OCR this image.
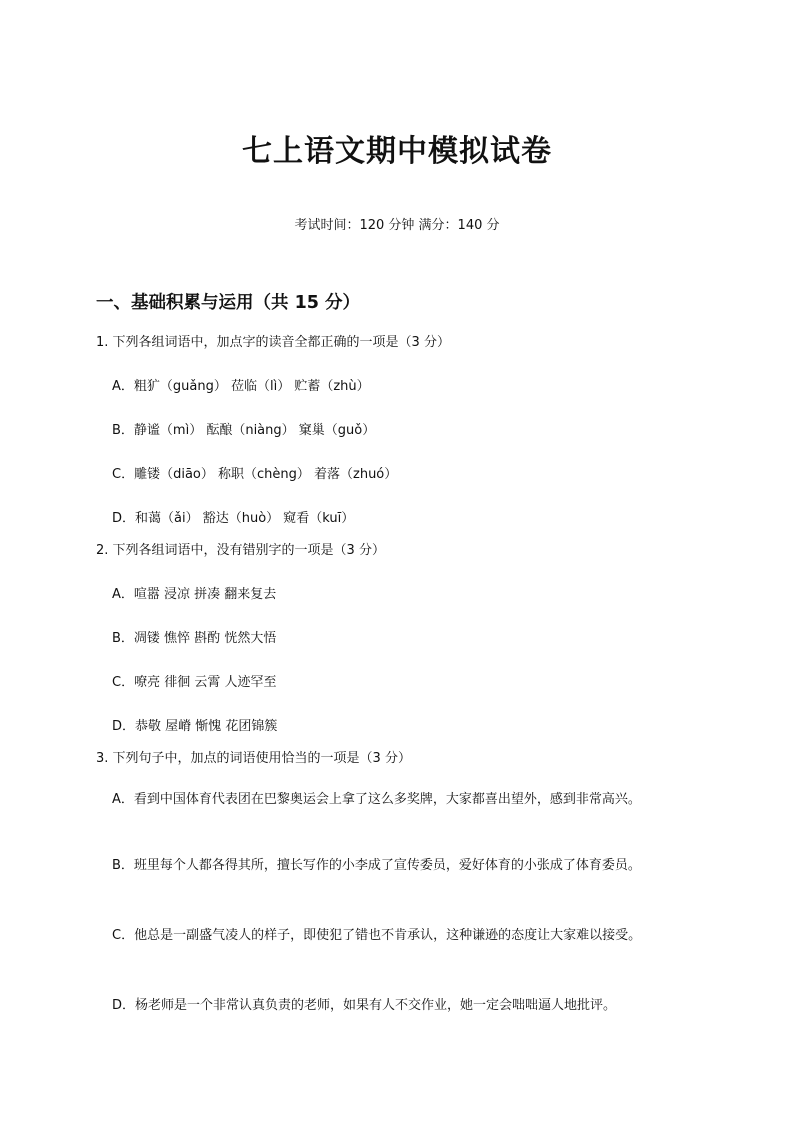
七上语文期中模拟试卷
考试时间：120 分钟 满分：140 分
一、基础积累与运用（共 15 分）
1. 下列各组词语中，加点字的读音全都正确的一项是（3 分）
A．粗犷（guǎng） 莅临（lì） 贮蓄（zhù）
B．静谧（mì） 酝酿（niàng） 窠巢（guǒ）
C．雕镂（diāo） 称职（chèng） 着落（zhuó）
D．和蔼（ǎi） 豁达（huò） 窥看（kuī）
2. 下列各组词语中，没有错别字的一项是（3 分）
A．喧嚣 浸凉 拼凑 翻来复去
B．凋镂 憔悴 斟酌 恍然大悟
C．嘹亮 徘徊 云霄 人迹罕至
D．恭敬 屋嵴 惭愧 花团锦簇
3. 下列句子中，加点的词语使用恰当的一项是（3 分）
A．看到中国体育代表团在巴黎奥运会上拿了这么多奖牌，大家都喜出望外，感到非常高兴。
B．班里每个人都各得其所，擅长写作的小李成了宣传委员，爱好体育的小张成了体育委员。
C．他总是一副盛气凌人的样子，即使犯了错也不肯承认，这种谦逊的态度让大家难以接受。
D．杨老师是一个非常认真负责的老师，如果有人不交作业，她一定会咄咄逼人地批评。
